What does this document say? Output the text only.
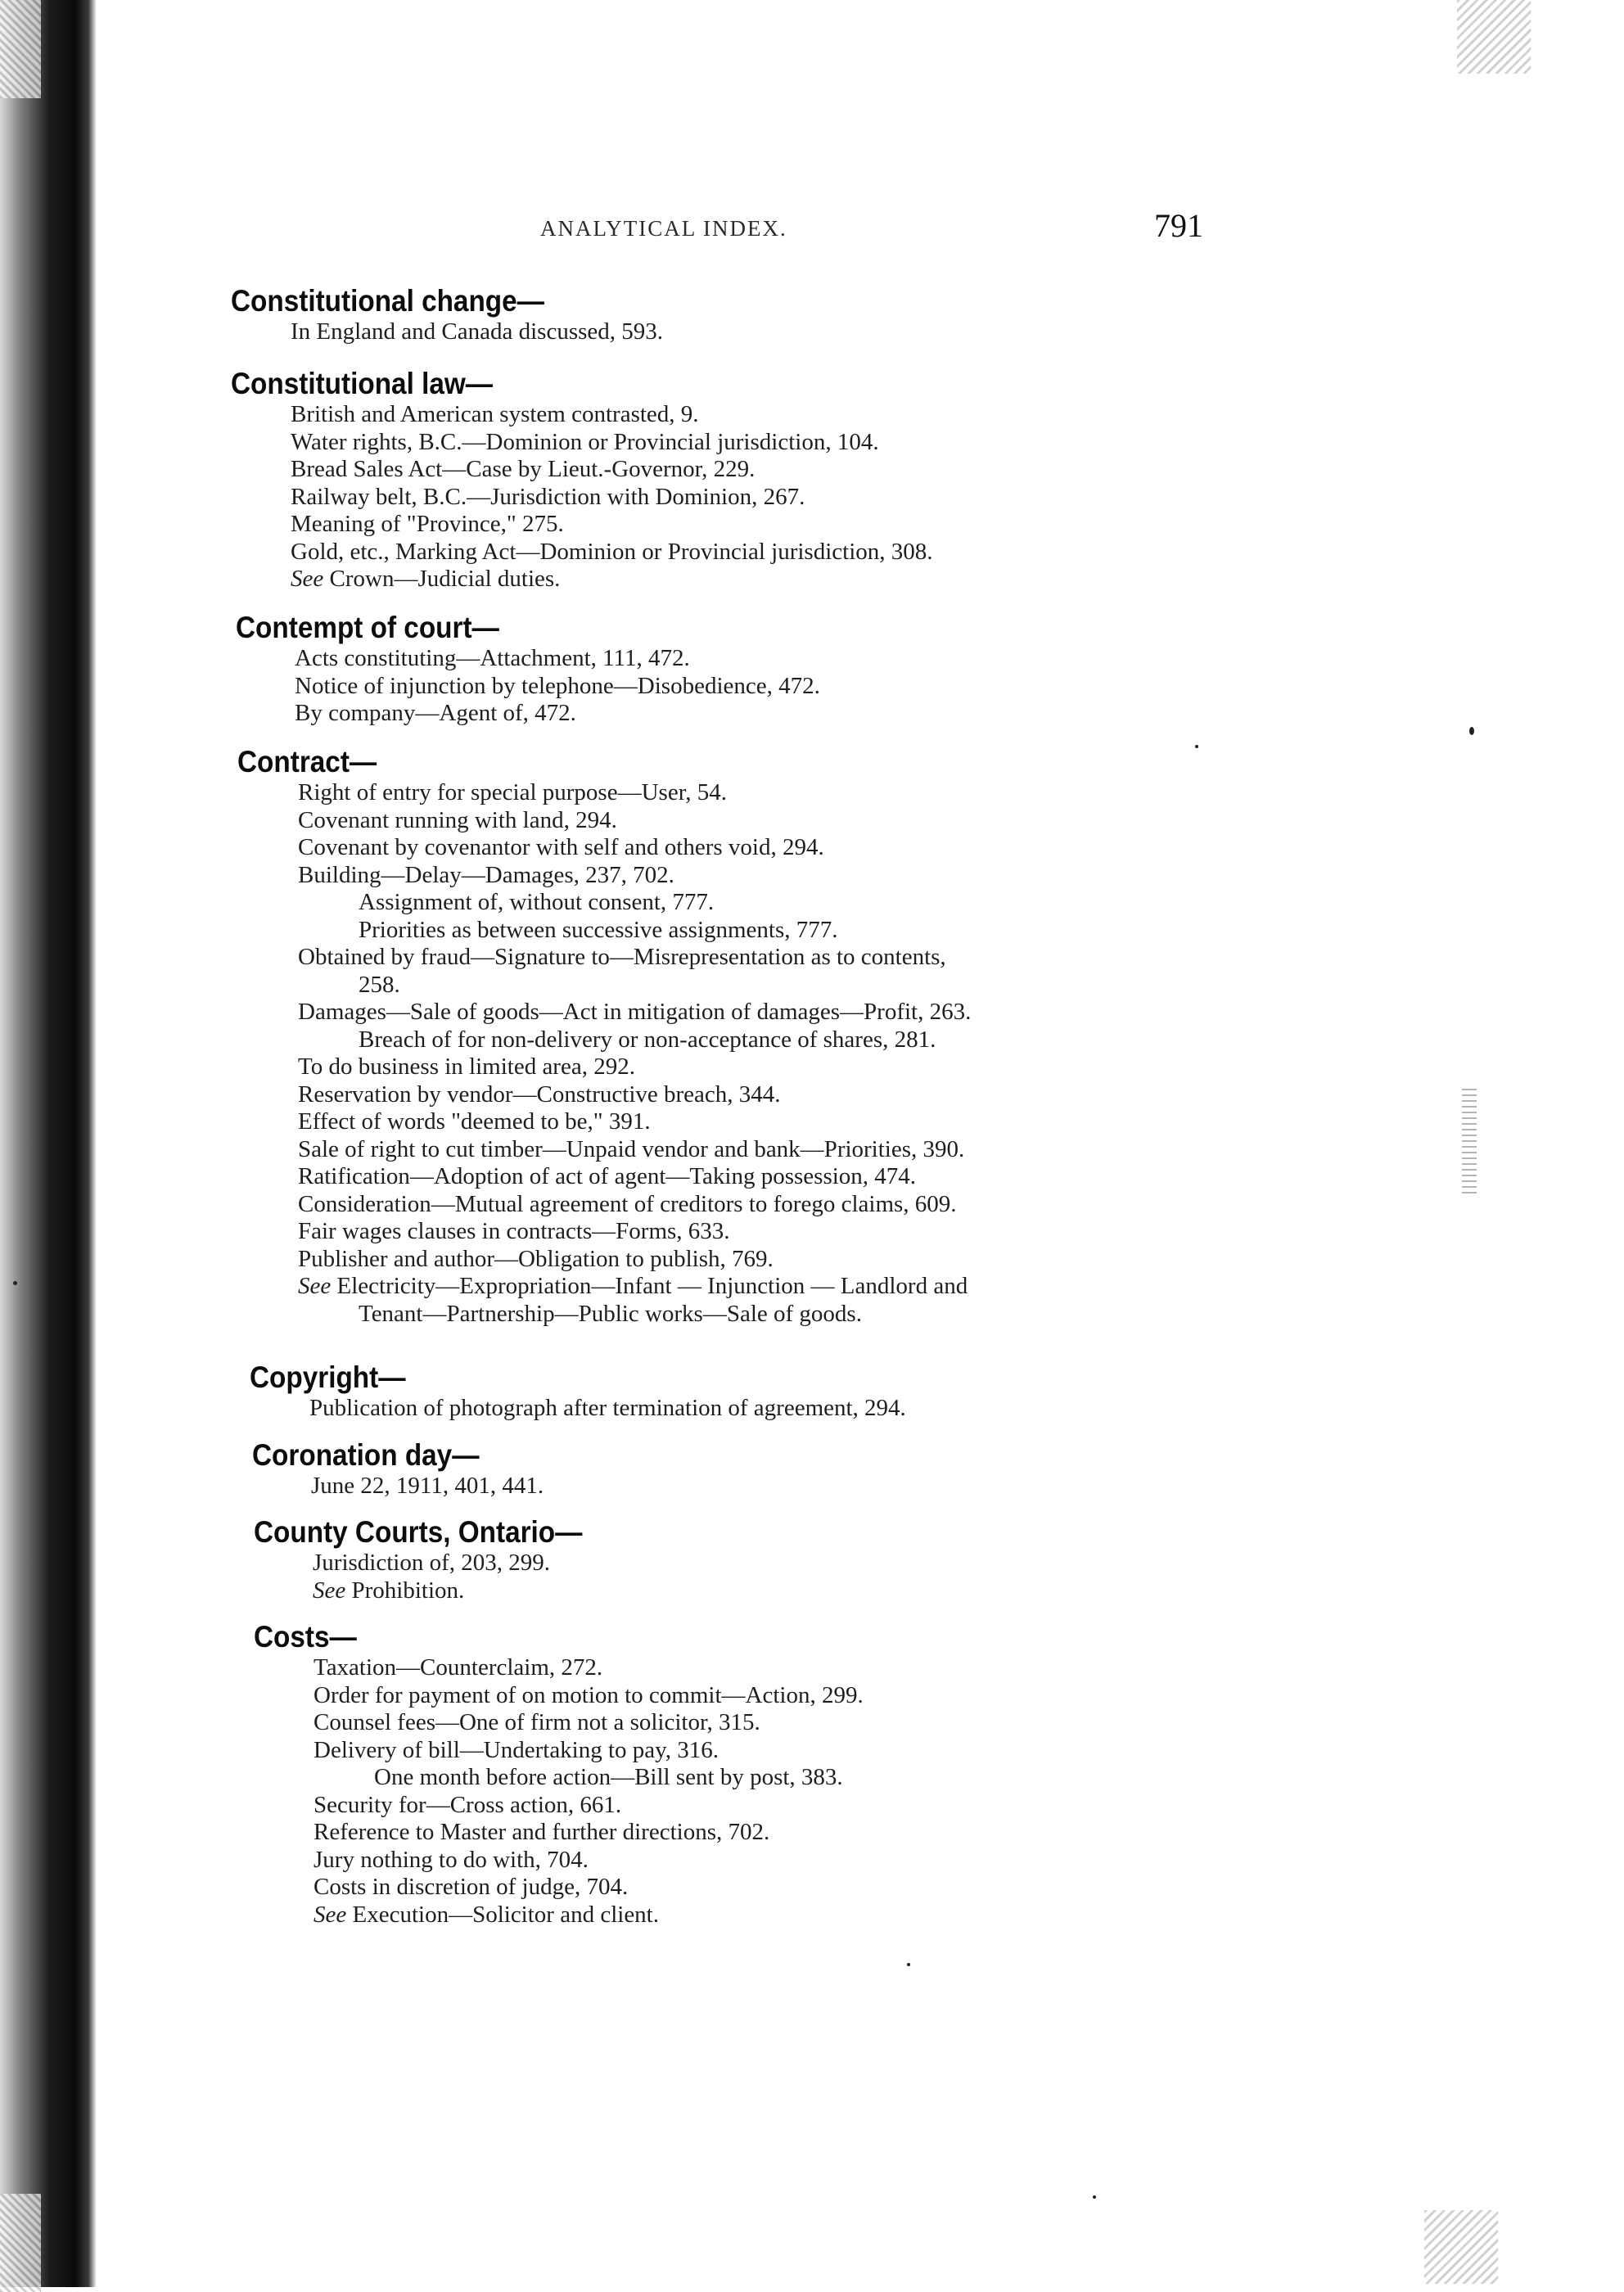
ANALYTICAL INDEX.	791
Constitutional change—
In England and Canada discussed, 593.
Constitutional law—
British and American system contrasted, 9.
Water rights, B.C.—Dominion or Provincial jurisdiction, 104.
Bread Sales Act—Case by Lieut.-Governor, 229.
Railway belt, B.C.—Jurisdiction with Dominion, 267.
Meaning of "Province," 275.
Gold, etc., Marking Act—Dominion or Provincial jurisdiction, 308.
See Crown—Judicial duties.
Contempt of court—
Acts constituting—Attachment, 111, 472.
Notice of injunction by telephone—Disobedience, 472.
By company—Agent of, 472.
Contract—
Right of entry for special purpose—User, 54.
Covenant running with land, 294.
Covenant by covenantor with self and others void, 294.
Building—Delay—Damages, 237, 702.
Assignment of, without consent, 777.
Priorities as between successive assignments, 777.
Obtained by fraud—Signature to—Misrepresentation as to contents,
258.
Damages—Sale of goods—Act in mitigation of damages—Profit, 263.
Breach of for non-delivery or non-acceptance of shares, 281.
To do business in limited area, 292.
Reservation by vendor—Constructive breach, 344.
Effect of words "deemed to be," 391.
Sale of right to cut timber—Unpaid vendor and bank—Priorities, 390.
Ratification—Adoption of act of agent—Taking possession, 474.
Consideration—Mutual agreement of creditors to forego claims, 609.
Fair wages clauses in contracts—Forms, 633.
Publisher and author—Obligation to publish, 769.
See Electricity—Expropriation—Infant — Injunction — Landlord and
Tenant—Partnership—Public works—Sale of goods.
Copyright—
Publication of photograph after termination of agreement, 294.
Coronation day—
June 22, 1911, 401, 441.
County Courts, Ontario—
Jurisdiction of, 203, 299.
See Prohibition.
Costs—
Taxation—Counterclaim, 272.
Order for payment of on motion to commit—Action, 299.
Counsel fees—One of firm not a solicitor, 315.
Delivery of bill—Undertaking to pay, 316.
One month before action—Bill sent by post, 383.
Security for—Cross action, 661.
Reference to Master and further directions, 702.
Jury nothing to do with, 704.
Costs in discretion of judge, 704.
See Execution—Solicitor and client.
